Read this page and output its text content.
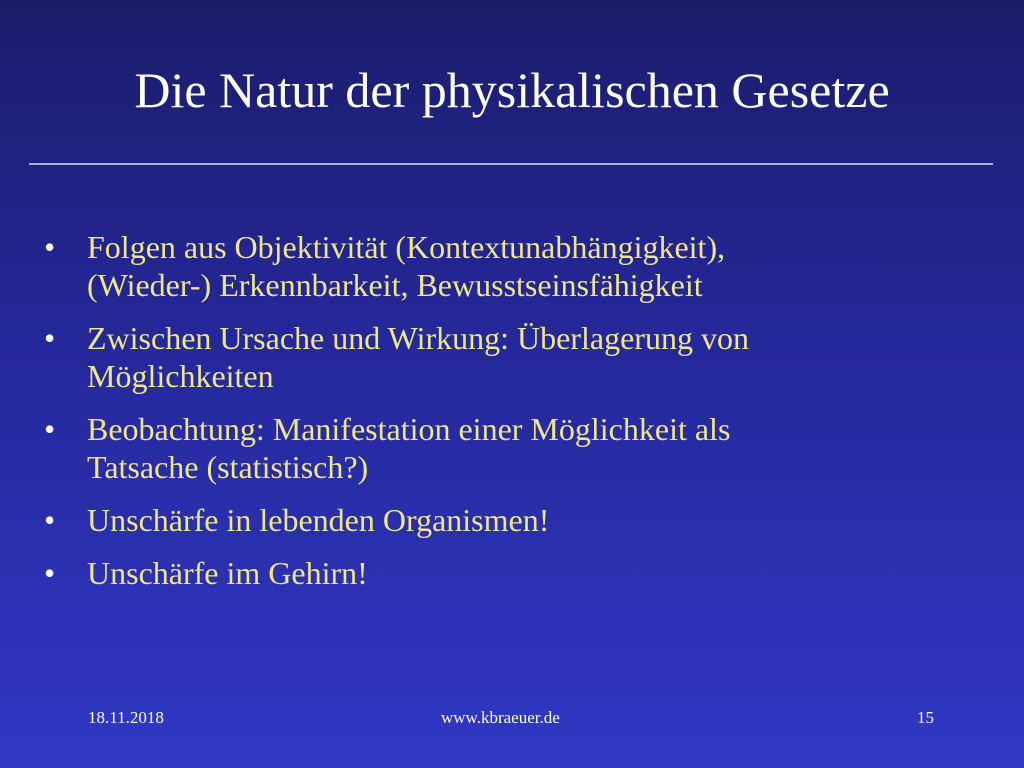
Die Natur der physikalischen Gesetze
• Folgen aus Objektivität (Kontextunabhängigkeit),
(Wieder-) Erkennbarkeit, Bewusstseinsfähigkeit
• Zwischen Ursache und Wirkung: Überlagerung von
Möglichkeiten
• Beobachtung: Manifestation einer Möglichkeit als
Tatsache (statistisch?)
• Unschärfe in lebenden Organismen!
• Unschärfe im Gehirn!
18.11.2018	www.kbraeuer.de	15
